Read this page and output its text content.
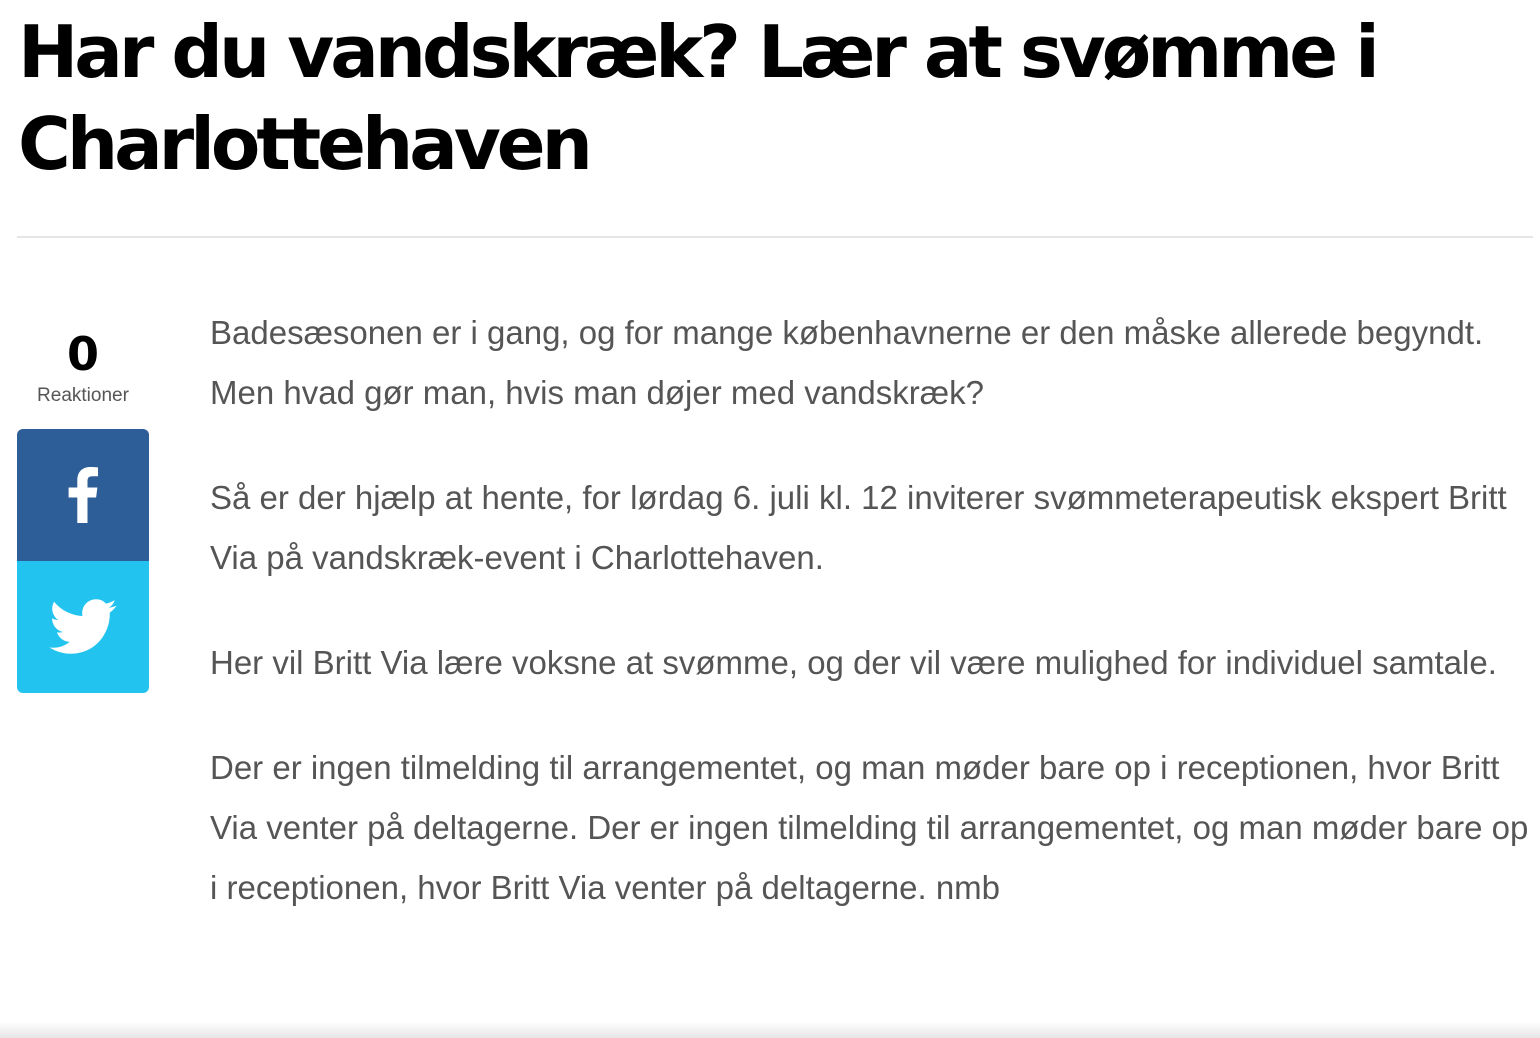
Har du vandskræk? Lær at svømme i Charlottehaven
0
Reaktioner

Badesæsonen er i gang, og for mange københavnerne er den måske allerede begyndt. Men hvad gør man, hvis man døjer med vandskræk?

Så er der hjælp at hente, for lørdag 6. juli kl. 12 inviterer svømmeterapeutisk ekspert Britt Via på vandskræk-event i Charlottehaven.

Her vil Britt Via lære voksne at svømme, og der vil være mulighed for individuel samtale.

Der er ingen tilmelding til arrangementet, og man møder bare op i receptionen, hvor Britt Via venter på deltagerne. Der er ingen tilmelding til arrangementet, og man møder bare op i receptionen, hvor Britt Via venter på deltagerne. nmb
